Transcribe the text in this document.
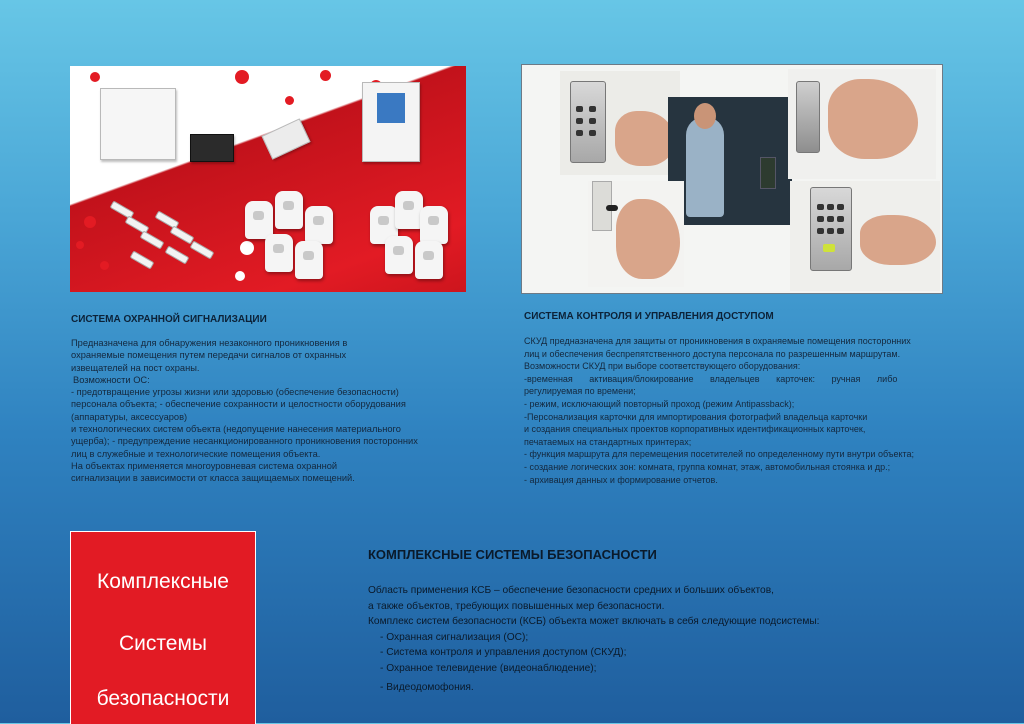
СИСТЕМА ОХРАННОЙ СИГНАЛИЗАЦИИ
Предназначена для обнаружения незаконного проникновения в
охраняемые помещения путем передачи сигналов от охранных
извещателей на пост охраны.
Возможности ОС:
- предотвращение угрозы жизни или здоровью (обеспечение безопасности)
персонала объекта; - обеспечение сохранности и целостности оборудования
(аппаратуры, аксессуаров)
и технологических систем объекта (недопущение нанесения материального
ущерба); - предупреждение несанкционированного проникновения посторонних
лиц в служебные и технологические помещения объекта.
На объектах применяется многоуровневая система охранной
сигнализации в зависимости от класса защищаемых помещений.
СИСТЕМА КОНТРОЛЯ И УПРАВЛЕНИЯ ДОСТУПОМ
СКУД предназначена для защиты от проникновения в охраняемые помещения посторонних
лиц и обеспечения беспрепятственного доступа персонала по разрешенным маршрутам.
Возможности СКУД при выборе соответствующего оборудования:
-временная активация/блокирование владельцев карточек: ручная либо
регулируемая по времени;
- режим, исключающий повторный проход (режим Antipassback);
-Персонализация карточки для импортирования фотографий владельца карточки
и создания специальных проектов корпоративных идентификационных карточек,
печатаемых на стандартных принтерах;
- функция маршрута для перемещения посетителей по определенному пути внутри объекта;
- создание логических зон: комната, группа комнат, этаж, автомобильная стоянка и др.;
- архивация данных и формирование отчетов.
Комплексные
Системы
безопасности
КОМПЛЕКСНЫЕ СИСТЕМЫ БЕЗОПАСНОСТИ
Область применения КСБ – обеспечение безопасности средних и больших объектов,
а также объектов, требующих повышенных мер безопасности.
Комплекс систем безопасности (КСБ) объекта может включать в себя следующие подсистемы:
- Охранная сигнализация (ОС);
- Система контроля и управления доступом (СКУД);
- Охранное телевидение (видеонаблюдение);
- Видеодомофония.
